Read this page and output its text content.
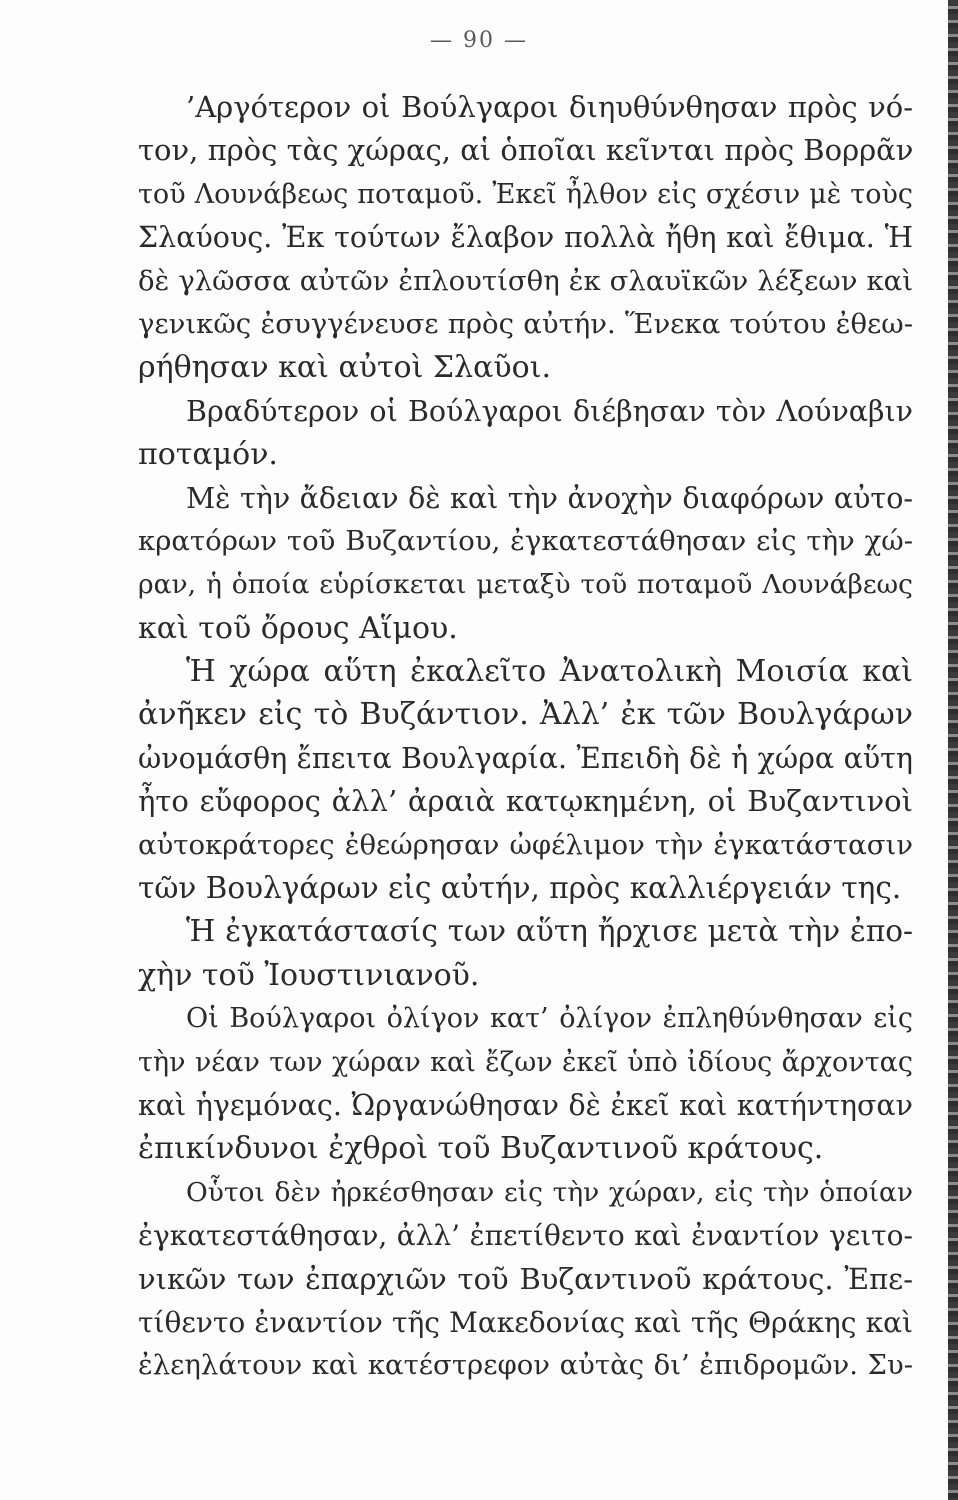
— 90 —
’Αργότερον οἱ Βούλγαροι διηυθύνθησαν πρὸς νό-
τον, πρὸς τὰς χώρας, αἱ ὁποῖαι κεῖνται πρὸς Βορρᾶν
τοῦ Λουνάβεως ποταμοῦ. Ἐκεῖ ἦλθον εἰς σχέσιν μὲ τοὺς
Σλαύους. Ἐκ τούτων ἔλαβον πολλὰ ἤθη καὶ ἔθιμα. Ἡ
δὲ γλῶσσα αὐτῶν ἐπλουτίσθη ἐκ σλαυϊκῶν λέξεων καὶ
γενικῶς ἐσυγγένευσε πρὸς αὐτήν. Ἕνεκα τούτου ἐθεω-
ρήθησαν καὶ αὐτοὶ Σλαῦοι.
Βραδύτερον οἱ Βούλγαροι διέβησαν τὸν Λούναβιν
ποταμόν.
Μὲ τὴν ἄδειαν δὲ καὶ τὴν ἀνοχὴν διαφόρων αὐτο-
κρατόρων τοῦ Βυζαντίου, ἐγκατεστάθησαν εἰς τὴν χώ-
ραν, ἡ ὁποία εὑρίσκεται μεταξὺ τοῦ ποταμοῦ Λουνάβεως
καὶ τοῦ ὄρους Αἵμου.
Ἡ χώρα αὕτη ἐκαλεῖτο Ἀνατολικὴ Μοισία καὶ
ἀνῆκεν εἰς τὸ Βυζάντιον. Ἀλλ’ ἐκ τῶν Βουλγάρων
ὠνομάσθη ἔπειτα Βουλγαρία. Ἐπειδὴ δὲ ἡ χώρα αὕτη
ἦτο εὔφορος ἀλλ’ ἀραιὰ κατῳκημένη, οἱ Βυζαντινοὶ
αὐτοκράτορες ἐθεώρησαν ὠφέλιμον τὴν ἐγκατάστασιν
τῶν Βουλγάρων εἰς αὐτήν, πρὸς καλλιέργειάν της.
Ἡ ἐγκατάστασίς των αὕτη ἤρχισε μετὰ τὴν ἐπο-
χὴν τοῦ Ἰουστινιανοῦ.
Οἱ Βούλγαροι ὀλίγον κατ’ ὀλίγον ἐπληθύνθησαν εἰς
τὴν νέαν των χώραν καὶ ἔζων ἐκεῖ ὑπὸ ἰδίους ἄρχοντας
καὶ ἡγεμόνας. Ὠργανώθησαν δὲ ἐκεῖ καὶ κατήντησαν
ἐπικίνδυνοι ἐχθροὶ τοῦ Βυζαντινοῦ κράτους.
Οὗτοι δὲν ἠρκέσθησαν εἰς τὴν χώραν, εἰς τὴν ὁποίαν
ἐγκατεστάθησαν, ἀλλ’ ἐπετίθεντο καὶ ἐναντίον γειτο-
νικῶν των ἐπαρχιῶν τοῦ Βυζαντινοῦ κράτους. Ἐπε-
τίθεντο ἐναντίον τῆς Μακεδονίας καὶ τῆς Θράκης καὶ
ἐλεηλάτουν καὶ κατέστρεφον αὐτὰς δι’ ἐπιδρομῶν. Συ-
